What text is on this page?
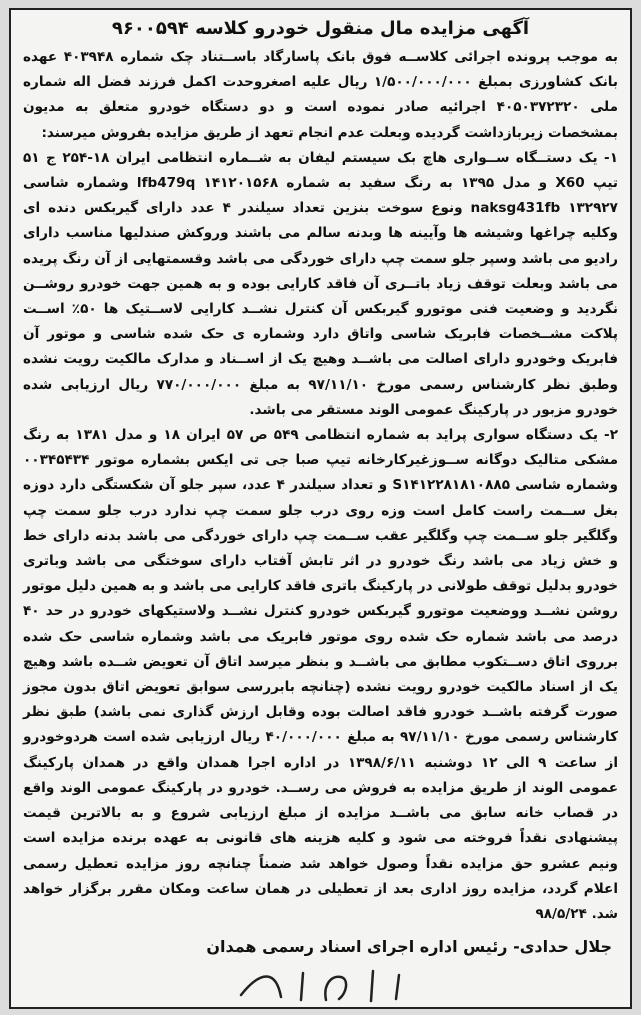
آگهی مزایده مال منقول خودرو کلاسه ۹۶۰۰۵۹۴

به موجب پرونده اجرائی کلاســه فوق بانک پاسارگاد باســتناد چک شماره ۴۰۳۹۴۸ عهده بانک کشاورزی بمبلغ ۱/۵۰۰/۰۰۰/۰۰۰ ریال علیه اصغروحدت اکمل فرزند فضل اله شماره ملی ۴۰۵۰۳۷۲۳۲۰ اجرائیه صادر نموده است و دو دستگاه خودرو متعلق به مدیون بمشخصات زیربازداشت گردیده وبعلت عدم انجام تعهد از طریق مزایده بفروش میرسند:

۱- یک دستــگاه ســواری هاچ بک سیستم لیفان به شــماره انتظامی ایران ۱۸-۲۵۴ ج ۵۱ تیپ X60 و مدل ۱۳۹۵ به رنگ سفید به شماره lfb479q ۱۴۱۲۰۱۵۶۸ وشماره شاسی naksg431fb ۱۳۲۹۲۷ ونوع سوخت بنزین تعداد سیلندر ۴ عدد دارای گیربکس دنده ای وکلیه چراغها وشیشه ها وآیینه ها وبدنه سالم می باشند وروکش صندلیها مناسب دارای رادیو می باشد وسپر جلو سمت چپ دارای خوردگی می باشد وقسمتهایی از آن رنگ پریده می باشد وبعلت توقف زیاد باتــری آن فاقد کارایی بوده و به همین جهت خودرو روشــن نگردید و وضعیت فنی موتورو گیربکس آن کنترل نشــد کارایی لاســتیک ها ۵۰٪ اســت پلاکت مشــخصات فابریک شاسی واتاق دارد وشماره ی حک شده شاسی و موتور آن فابریک وخودرو دارای اصالت می باشــد وهیچ یک از اســناد و مدارک مالکیت رویت نشده وطبق نظر کارشناس رسمی مورخ ۹۷/۱۱/۱۰ به مبلغ ۷۷۰/۰۰۰/۰۰۰ ریال ارزیابی شده خودرو مزبور در پارکینگ عمومی الوند مستقر می باشد.

۲- یک دستگاه سواری پراید به شماره انتظامی ۵۴۹ ص ۵۷ ایران ۱۸ و مدل ۱۳۸۱ به رنگ مشکی متالیک دوگانه ســوزغیرکارخانه تیپ صبا جی تی ایکس بشماره موتور ۰۰۳۴۵۴۳۴ وشماره شاسی S۱۴۱۲۲۸۱۸۱۰۸۸۵ و تعداد سیلندر ۴ عدد، سپر جلو آن شکستگی دارد دوزه بغل ســمت راست کامل است وزه روی درب جلو سمت چپ ندارد درب جلو سمت چپ وگلگیر جلو ســمت چپ وگلگیر عقب ســمت چپ دارای خوردگی می باشد بدنه دارای خط و خش زیاد می باشد رنگ خودرو در اثر تابش آفتاب دارای سوختگی می باشد وباتری خودرو بدلیل توقف طولانی در پارکینگ باتری فاقد کارایی می باشد و به همین دلیل موتور روشن نشــد ووضعیت موتورو گیربکس خودرو کنترل نشــد ولاستیکهای خودرو در حد ۴۰ درصد می باشد شماره حک شده روی موتور فابریک می باشد وشماره شاسی حک شده برروی اتاق دســتکوب مطابق می باشــد و بنظر میرسد اتاق آن تعویض شــده باشد وهیچ یک از اسناد مالکیت خودرو رویت نشده (چنانچه بابررسی سوابق تعویض اتاق بدون مجوز صورت گرفته باشــد خودرو فاقد اصالت بوده وقابل ارزش گذاری نمی باشد) طبق نظر کارشناس رسمی مورخ ۹۷/۱۱/۱۰ به مبلغ ۴۰/۰۰۰/۰۰۰ ریال ارزیابی شده است هردوخودرو از ساعت ۹ الی ۱۲ دوشنبه ۱۳۹۸/۶/۱۱ در اداره اجرا همدان واقع در همدان پارکینگ عمومی الوند از طریق مزایده به فروش می رســد. خودرو در پارکینگ عمومی الوند واقع در قصاب خانه سابق می باشــد مزایده از مبلغ ارزیابی شروع و به بالاترین قیمت پیشنهادی نقداً فروخته می شود و کلیه هزینه های قانونی به عهده برنده مزایده است ونیم عشرو حق مزایده نقداً وصول خواهد شد ضمناً چنانچه روز مزایده تعطیل رسمی اعلام گردد، مزایده روز اداری بعد از تعطیلی در همان ساعت ومکان مقرر برگزار خواهد شد. ۹۸/۵/۲۴

جلال حدادی- رئیس اداره اجرای اسناد رسمی همدان
